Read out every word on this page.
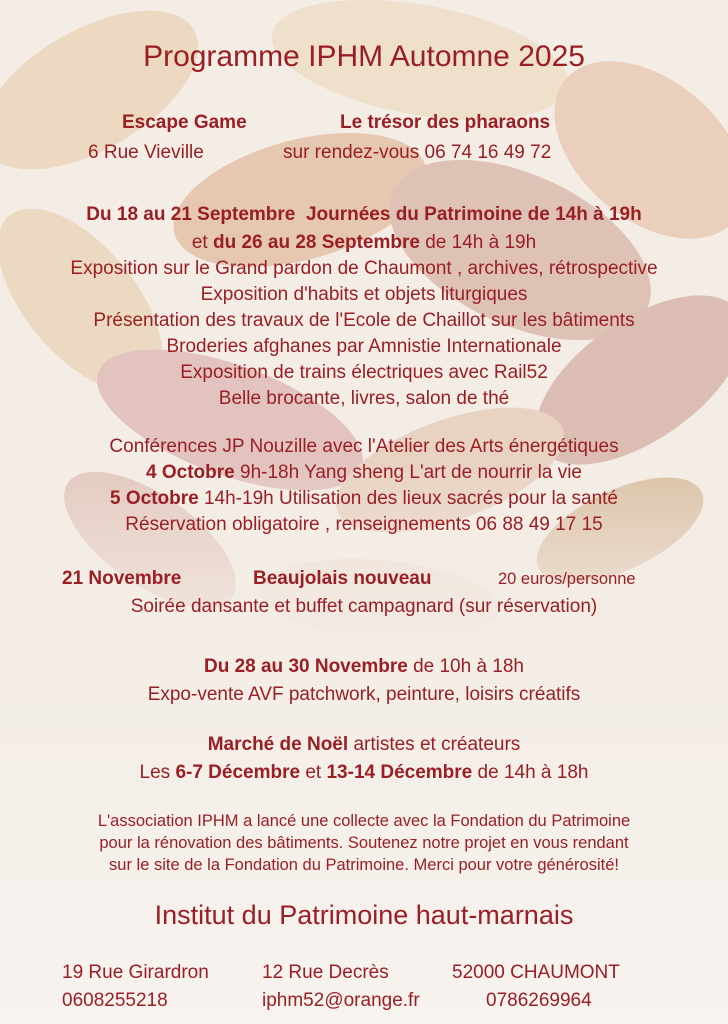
Programme IPHM Automne 2025
Escape Game	Le trésor des pharaons
6 Rue Vieville	sur rendez-vous 06 74 16 49 72
Du 18 au 21 Septembre Journées du Patrimoine de 14h à 19h
et du 26 au 28 Septembre de 14h à 19h
Exposition sur le Grand pardon de Chaumont , archives, rétrospective
Exposition d'habits et objets liturgiques
Présentation des travaux de l'Ecole de Chaillot sur les bâtiments
Broderies afghanes par Amnistie Internationale
Exposition de trains électriques avec Rail52
Belle brocante, livres, salon de thé
Conférences JP Nouzille avec l'Atelier des Arts énergétiques
4 Octobre 9h-18h Yang sheng L'art de nourrir la vie
5 Octobre 14h-19h Utilisation des lieux sacrés pour la santé
Réservation obligatoire , renseignements 06 88 49 17 15
21 Novembre	Beaujolais nouveau	20 euros/personne
Soirée dansante et buffet campagnard (sur réservation)
Du 28 au 30 Novembre de 10h à 18h
Expo-vente AVF patchwork, peinture, loisirs créatifs
Marché de Noël artistes et créateurs
Les 6-7 Décembre et 13-14 Décembre de 14h à 18h
L'association IPHM a lancé une collecte avec la Fondation du Patrimoine
pour la rénovation des bâtiments. Soutenez notre projet en vous rendant
sur le site de la Fondation du Patrimoine. Merci pour votre générosité!
Institut du Patrimoine haut-marnais
19 Rue Girardron	12 Rue Decrès	52000 CHAUMONT
0608255218	iphm52@orange.fr	0786269964
